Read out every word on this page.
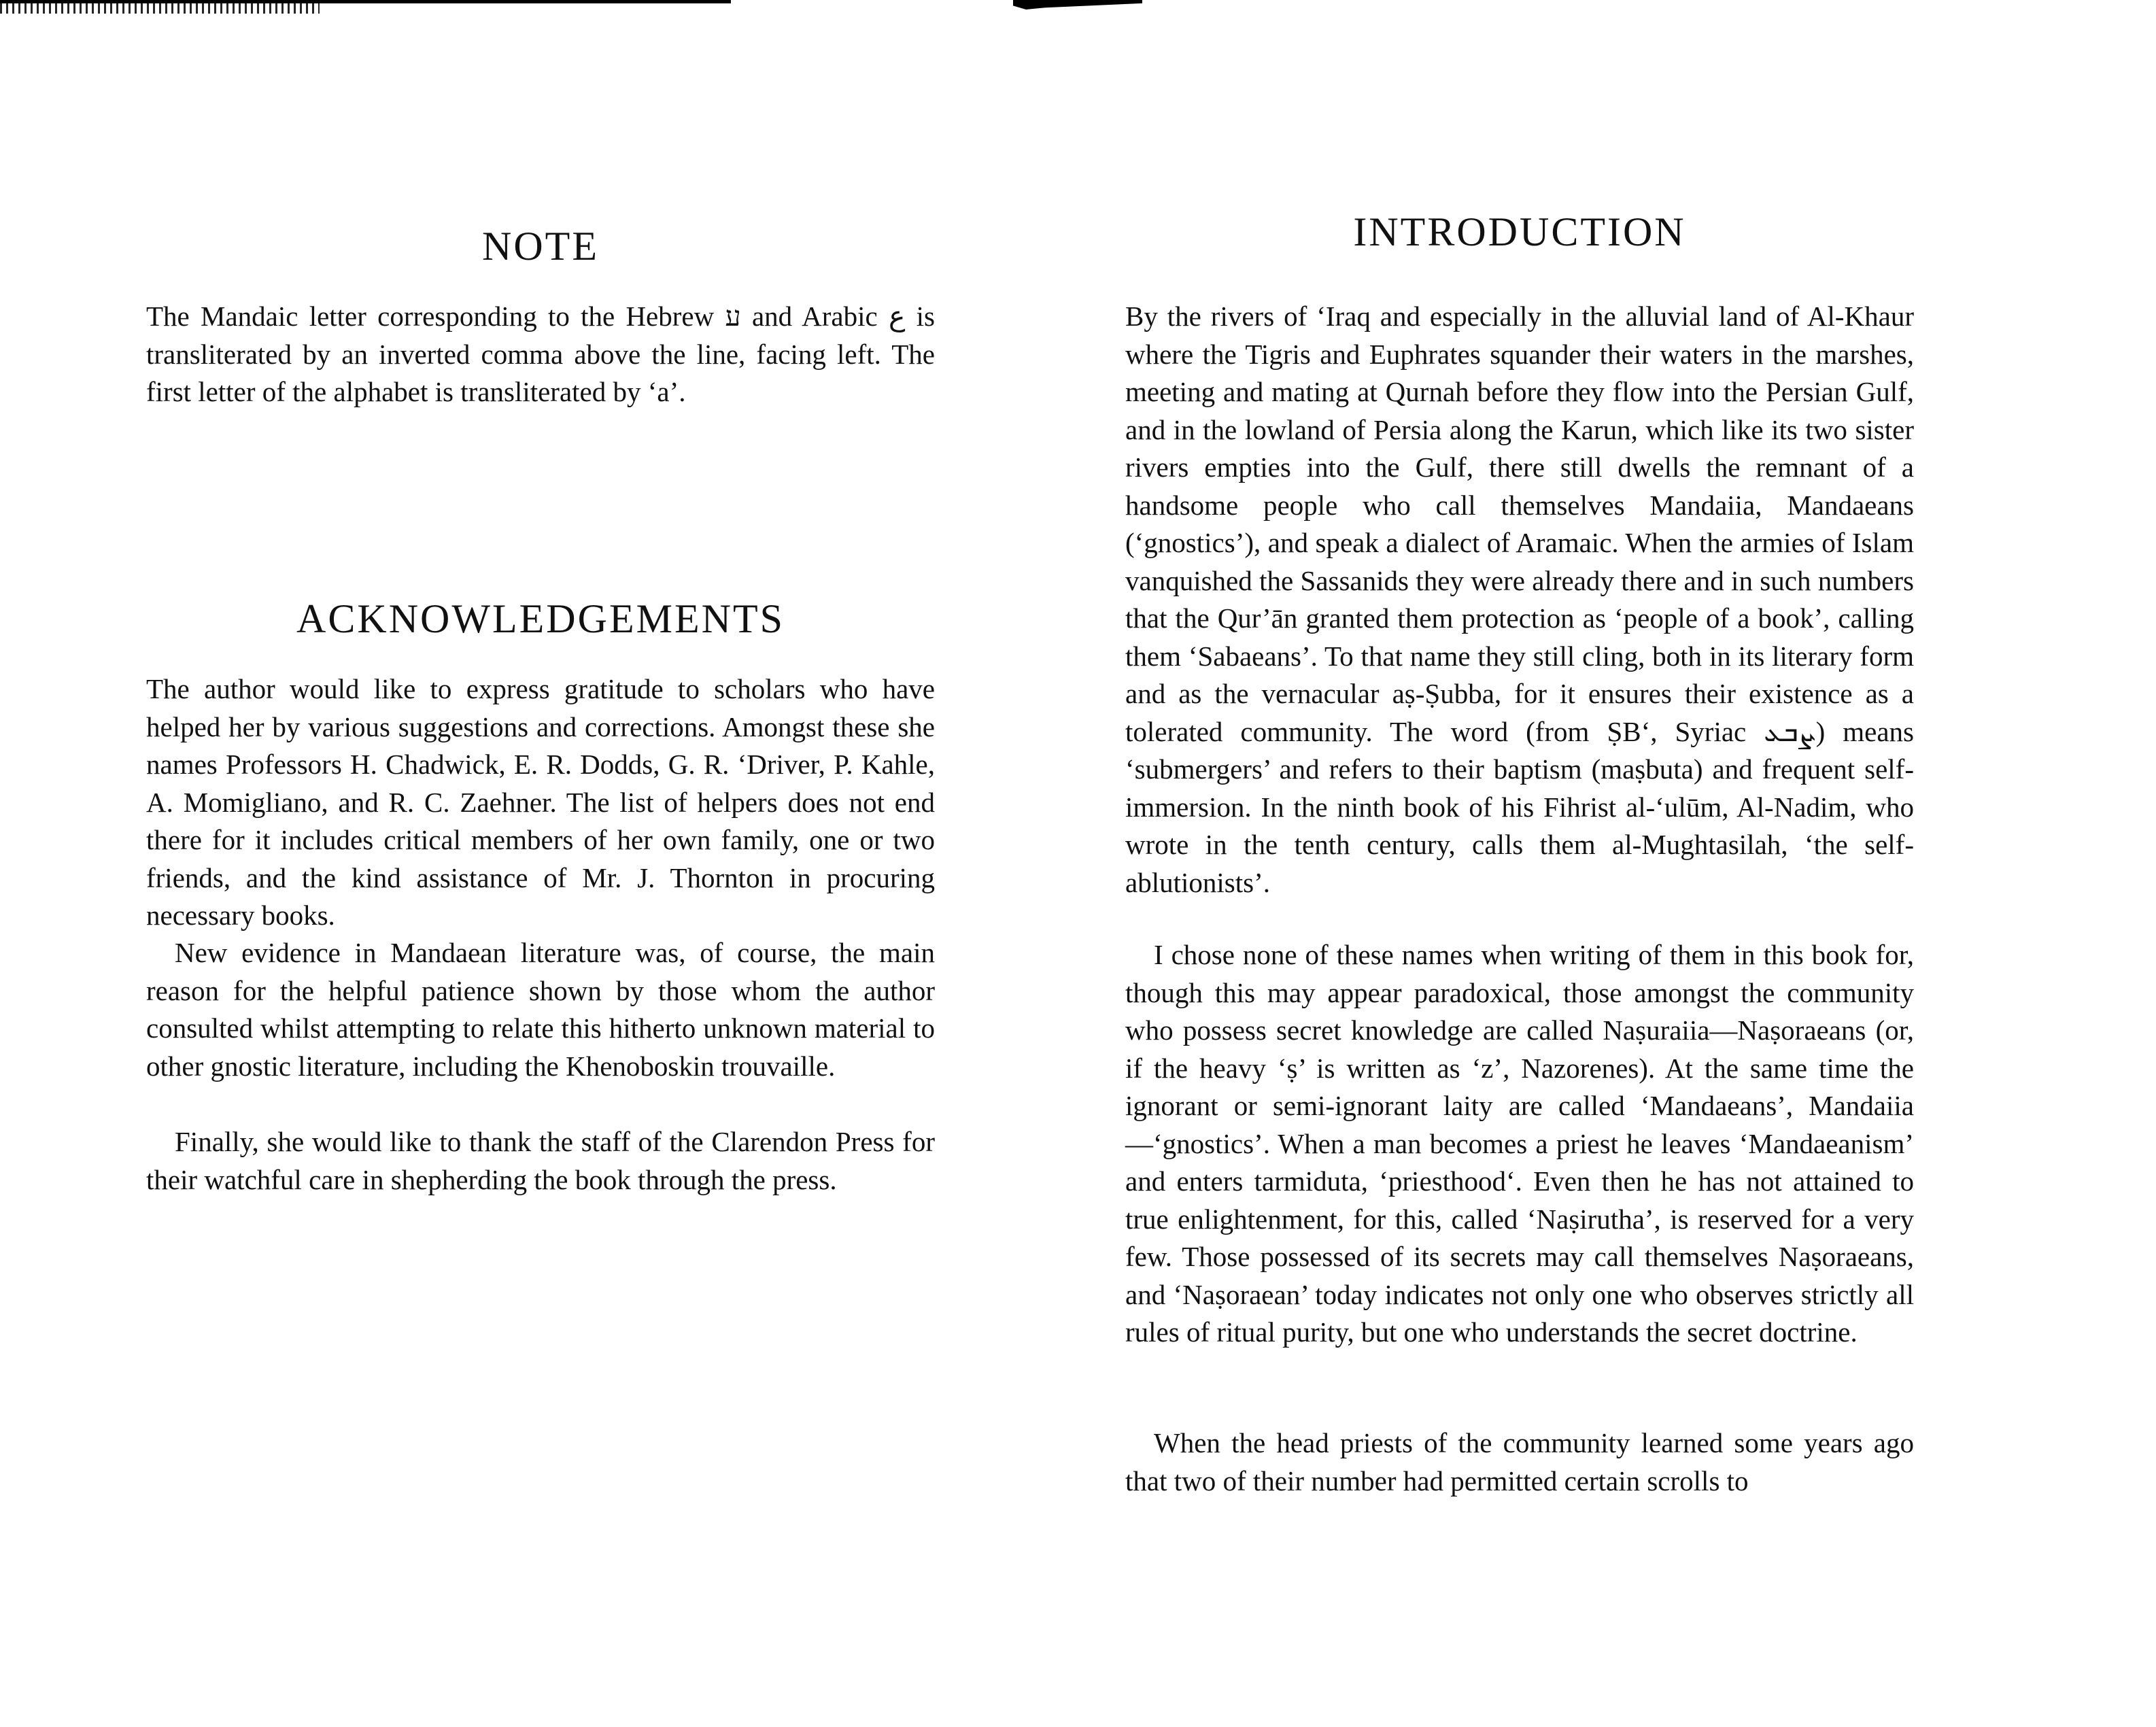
NOTE

The Mandaic letter corresponding to the Hebrew ע and Arabic ع is transliterated by an inverted comma above the line, facing left. The first letter of the alphabet is transliterated by ‘a’.

ACKNOWLEDGEMENTS

The author would like to express gratitude to scholars who have helped her by various suggestions and corrections. Amongst these she names Professors H. Chadwick, E. R. Dodds, G. R. ‘Driver, P. Kahle, A. Momigliano, and R. C. Zaehner. The list of helpers does not end there for it includes critical members of her own family, one or two friends, and the kind assistance of Mr. J. Thornton in procuring necessary books.

New evidence in Mandaean literature was, of course, the main reason for the helpful patience shown by those whom the author consulted whilst attempting to relate this hitherto unknown material to other gnostic literature, including the Khenoboskin trouvaille.

Finally, she would like to thank the staff of the Clarendon Press for their watchful care in shepherding the book through the press.

INTRODUCTION

By the rivers of ‘Iraq and especially in the alluvial land of Al-Khaur where the Tigris and Euphrates squander their waters in the marshes, meeting and mating at Qurnah before they flow into the Persian Gulf, and in the lowland of Persia along the Karun, which like its two sister rivers empties into the Gulf, there still dwells the remnant of a handsome people who call themselves Mandaiia, Mandaeans (‘gnostics’), and speak a dialect of Aramaic. When the armies of Islam vanquished the Sassanids they were already there and in such numbers that the Qur’ān granted them protection as ‘people of a book’, calling them ‘Sabaeans’. To that name they still cling, both in its literary form and as the vernacular aṣ-Ṣubba, for it ensures their existence as a tolerated community. The word (from ṢB‘, Syriac ܨܒܥ) means ‘submergers’ and refers to their baptism (maṣbuta) and frequent self-immersion. In the ninth book of his Fihrist al-‘ulūm, Al-Nadim, who wrote in the tenth century, calls them al-Mughtasilah, ‘the self-ablutionists’.

I chose none of these names when writing of them in this book for, though this may appear paradoxical, those amongst the community who possess secret knowledge are called Naṣuraiia—Naṣoraeans (or, if the heavy ‘ṣ’ is written as ‘z’, Nazorenes). At the same time the ignorant or semi-ignorant laity are called ‘Mandaeans’, Mandaiia—‘gnostics’. When a man becomes a priest he leaves ‘Mandaeanism’ and enters tarmiduta, ‘priesthood‘. Even then he has not attained to true enlightenment, for this, called ‘Naṣirutha’, is reserved for a very few. Those possessed of its secrets may call themselves Naṣoraeans, and ‘Naṣoraean’ today indicates not only one who observes strictly all rules of ritual purity, but one who understands the secret doctrine.

When the head priests of the community learned some years ago that two of their number had permitted certain scrolls to
